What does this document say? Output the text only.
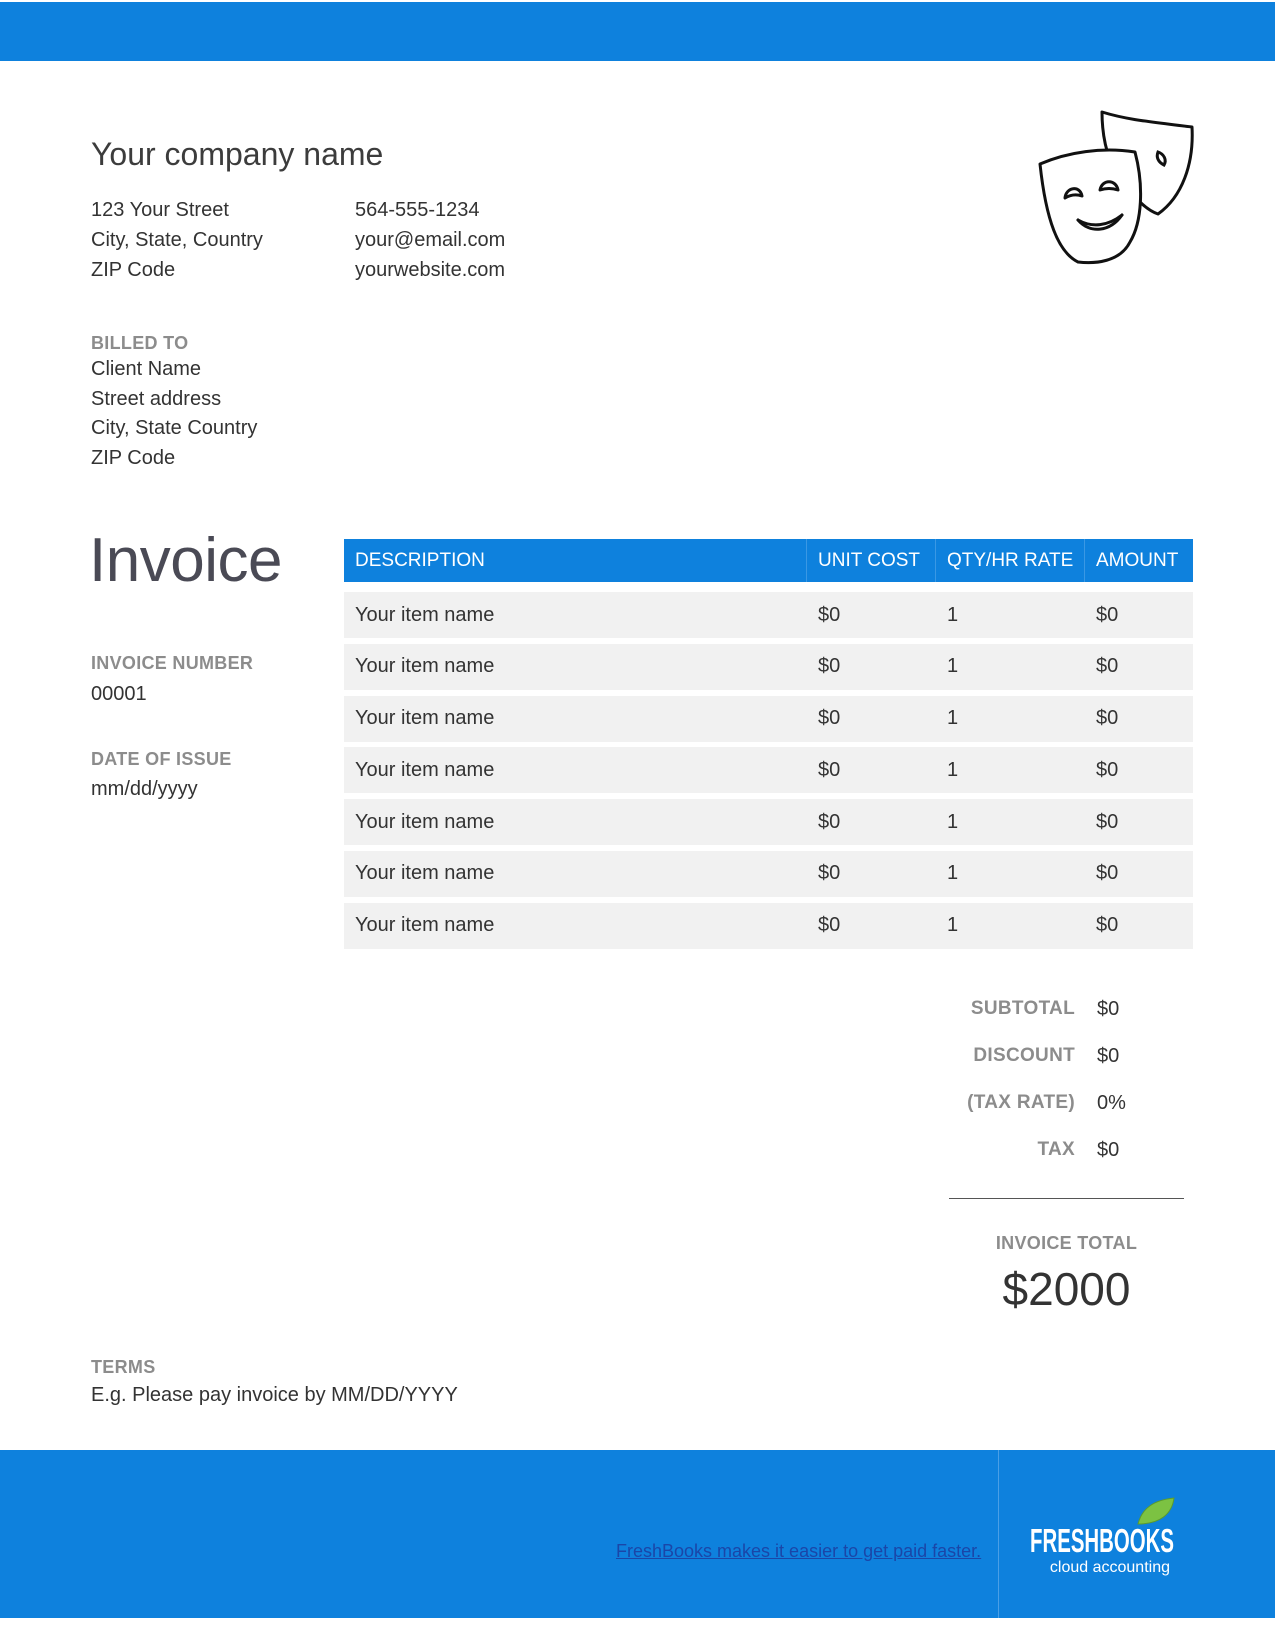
Your company name
123 Your Street
City, State, Country
ZIP Code
564-555-1234
your@email.com
yourwebsite.com
BILLED TO
Client Name
Street address
City, State Country
ZIP Code
Invoice
INVOICE NUMBER
00001
DATE OF ISSUE
mm/dd/yyyy
DESCRIPTION	UNIT COST	QTY/HR RATE	AMOUNT
Your item name	$0	1	$0
Your item name	$0	1	$0
Your item name	$0	1	$0
Your item name	$0	1	$0
Your item name	$0	1	$0
Your item name	$0	1	$0
Your item name	$0	1	$0
SUBTOTAL $0
DISCOUNT $0
(TAX RATE) 0%
TAX $0
INVOICE TOTAL
$2000
TERMS
E.g. Please pay invoice by MM/DD/YYYY
FreshBooks makes it easier to get paid faster. FRESHBOOKS
cloud accounting
